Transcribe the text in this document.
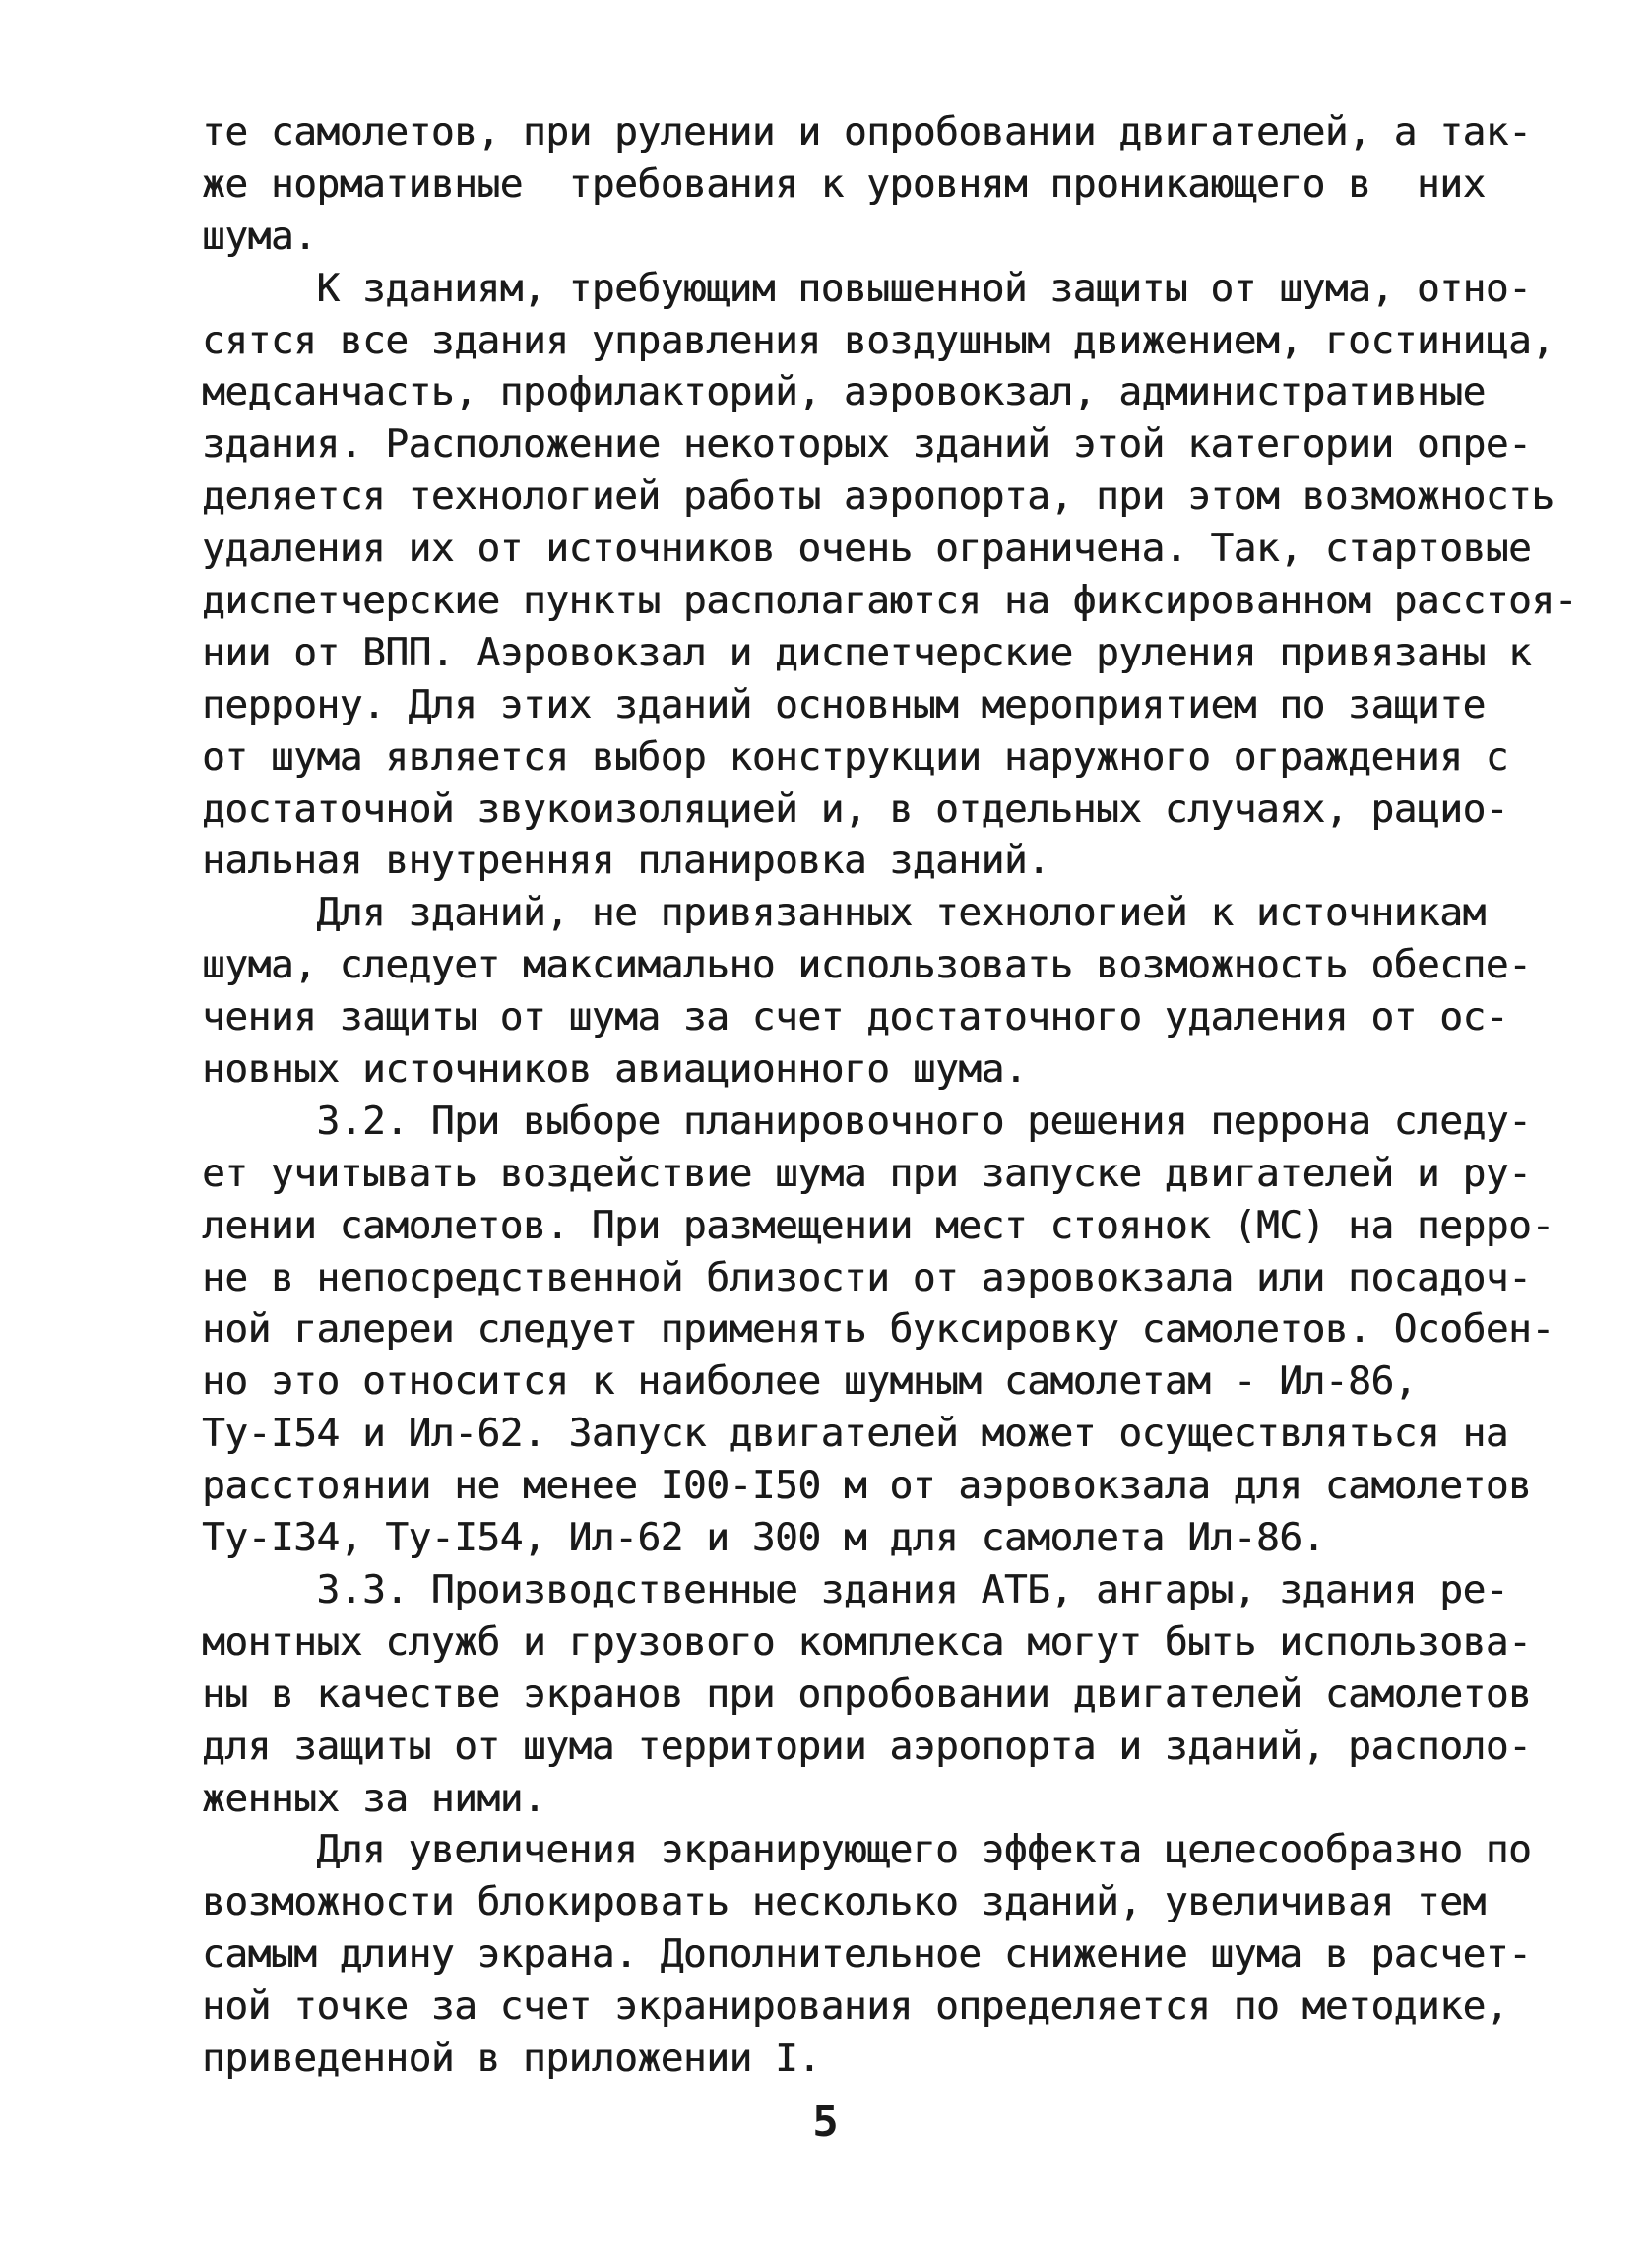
те самолетов, при рулении и опробовании двигателей, а так-
же нормативные  требования к уровням проникающего в  них
шума.
К зданиям, требующим повышенной защиты от шума, отно-
сятся все здания управления воздушным движением, гостиница,
медсанчасть, профилакторий, аэровокзал, административные
здания. Расположение некоторых зданий этой категории опре-
деляется технологией работы аэропорта, при этом возможность
удаления их от источников очень ограничена. Так, стартовые
диспетчерские пункты располагаются на фиксированном расстоя-
нии от ВПП. Аэровокзал и диспетчерские руления привязаны к
перрону. Для этих зданий основным мероприятием по защите
от шума является выбор конструкции наружного ограждения с
достаточной звукоизоляцией и, в отдельных случаях, рацио-
нальная внутренняя планировка зданий.
Для зданий, не привязанных технологией к источникам
шума, следует максимально использовать возможность обеспе-
чения защиты от шума за счет достаточного удаления от ос-
новных источников авиационного шума.
3.2. При выборе планировочного решения перрона следу-
ет учитывать воздействие шума при запуске двигателей и ру-
лении самолетов. При размещении мест стоянок (МС) на перро-
не в непосредственной близости от аэровокзала или посадоч-
ной галереи следует применять буксировку самолетов. Особен-
но это относится к наиболее шумным самолетам - Ил-86,
Ту-I54 и Ил-62. Запуск двигателей может осуществляться на
расстоянии не менее I00-I50 м от аэровокзала для самолетов
Ту-I34, Ту-I54, Ил-62 и 300 м для самолета Ил-86.
3.3. Производственные здания АТБ, ангары, здания ре-
монтных служб и грузового комплекса могут быть использова-
ны в качестве экранов при опробовании двигателей самолетов
для защиты от шума территории аэропорта и зданий, располо-
женных за ними.
Для увеличения экранирующего эффекта целесообразно по
возможности блокировать несколько зданий, увеличивая тем
самым длину экрана. Дополнительное снижение шума в расчет-
ной точке за счет экранирования определяется по методике,
приведенной в приложении I.
5
